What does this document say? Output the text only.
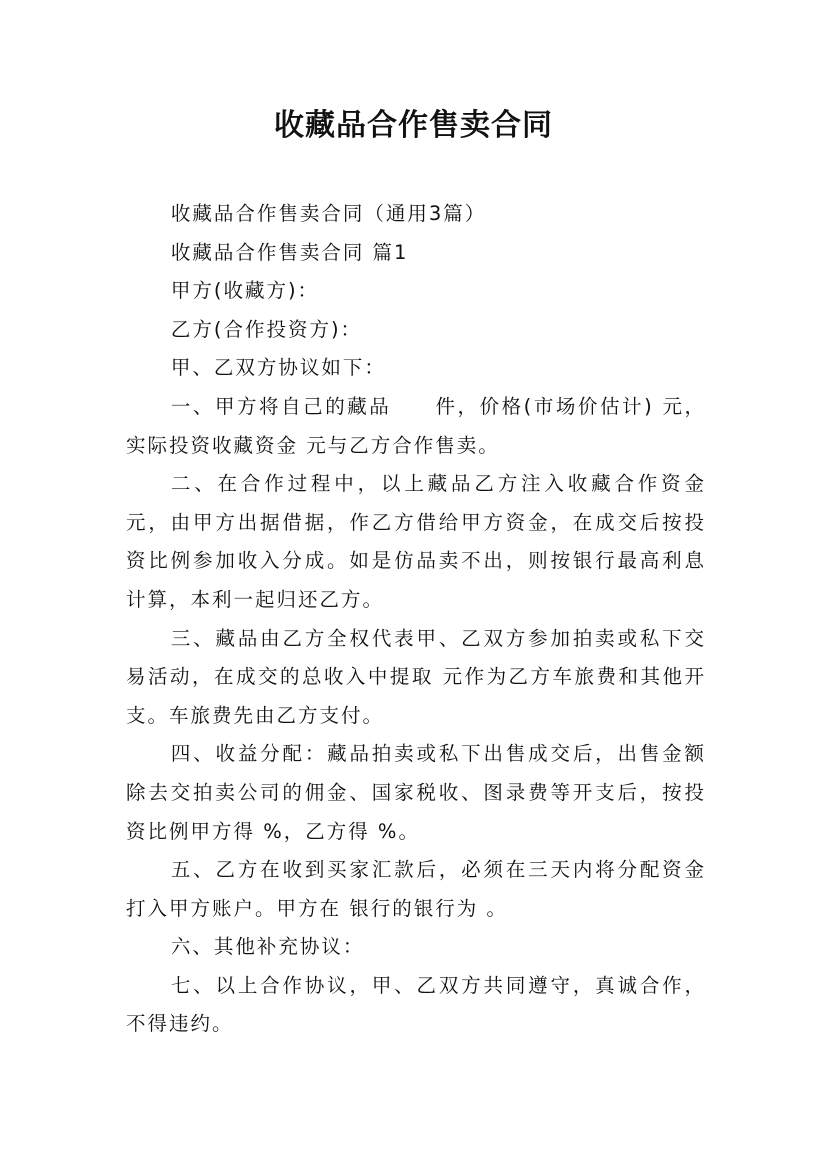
收藏品合作售卖合同

收藏品合作售卖合同（通用3篇）

收藏品合作售卖合同 篇1

甲方(收藏方)：

乙方(合作投资方)：

甲、乙双方协议如下：

一、甲方将自己的藏品　　件，价格(市场价估计) 元，实际投资收藏资金 元与乙方合作售卖。

二、在合作过程中，以上藏品乙方注入收藏合作资金元，由甲方出据借据，作乙方借给甲方资金，在成交后按投资比例参加收入分成。如是仿品卖不出，则按银行最高利息计算，本利一起归还乙方。

三、藏品由乙方全权代表甲、乙双方参加拍卖或私下交易活动，在成交的总收入中提取 元作为乙方车旅费和其他开支。车旅费先由乙方支付。

四、收益分配：藏品拍卖或私下出售成交后，出售金额除去交拍卖公司的佣金、国家税收、图录费等开支后，按投资比例甲方得 %，乙方得 %。

五、乙方在收到买家汇款后，必须在三天内将分配资金打入甲方账户。甲方在 银行的银行为 。

六、其他补充协议：

七、以上合作协议，甲、乙双方共同遵守，真诚合作，不得违约。
